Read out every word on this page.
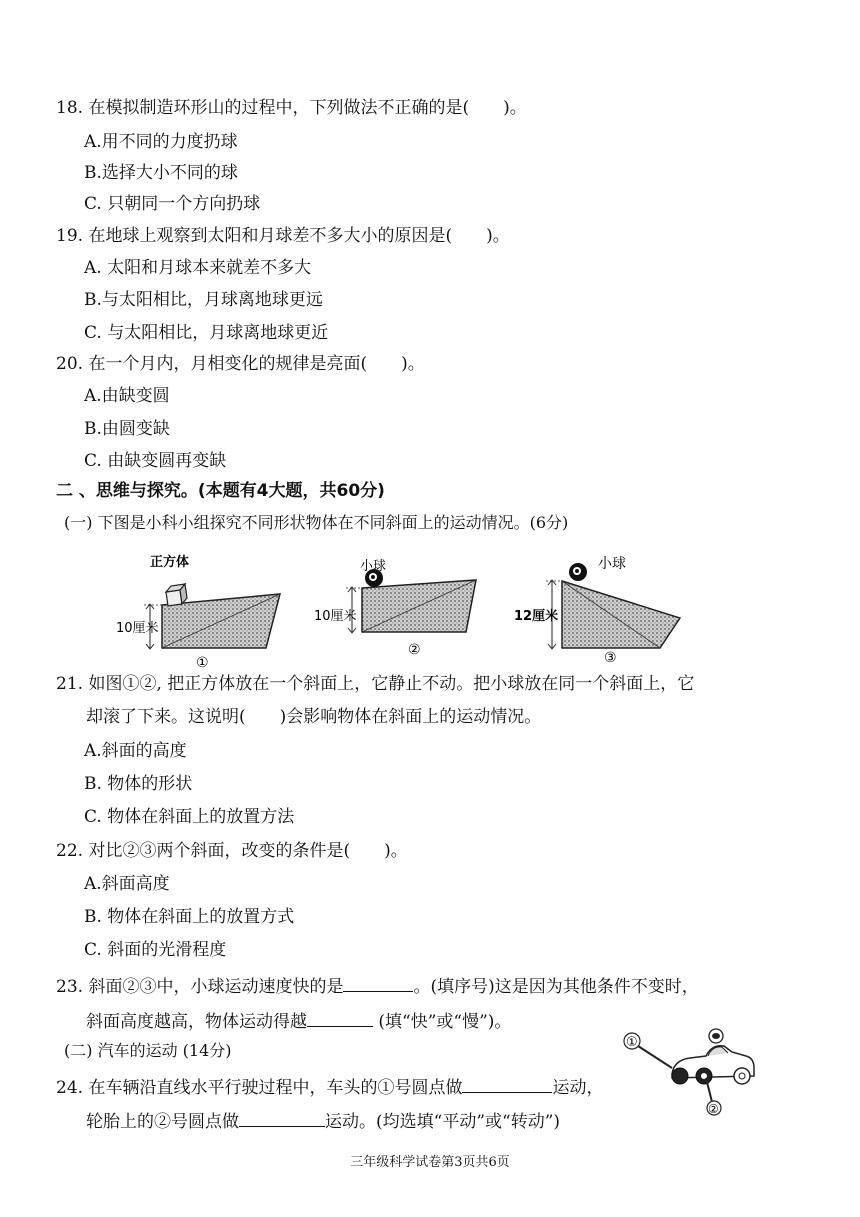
18. 在模拟制造环形山的过程中，下列做法不正确的是(　　)。
A.用不同的力度扔球
B.选择大小不同的球
C. 只朝同一个方向扔球
19. 在地球上观察到太阳和月球差不多大小的原因是(　　)。
A. 太阳和月球本来就差不多大
B.与太阳相比，月球离地球更远
C. 与太阳相比，月球离地球更近
20. 在一个月内，月相变化的规律是亮面(　　)。
A.由缺变圆
B.由圆变缺
C. 由缺变圆再变缺
二 、思维与探究。(本题有4大题，共60分)
(一) 下图是小科小组探究不同形状物体在不同斜面上的运动情况。(6分)
正方体
10厘米
①
小球
10厘米
②
小球
12厘米
③
21. 如图①②, 把正方体放在一个斜面上，它静止不动。把小球放在同一个斜面上，它
却滚了下来。这说明(　　)会影响物体在斜面上的运动情况。
A.斜面的高度
B. 物体的形状
C. 物体在斜面上的放置方法
22. 对比②③两个斜面，改变的条件是(　　)。
A.斜面高度
B. 物体在斜面上的放置方式
C. 斜面的光滑程度
23. 斜面②③中，小球运动速度快的是	。(填序号)这是因为其他条件不变时，
斜面高度越高，物体运动得越	(填“快”或“慢”)。
(二) 汽车的运动 (14分)
24. 在车辆沿直线水平行驶过程中，车头的①号圆点做	运动，
轮胎上的②号圆点做	运动。(均选填“平动”或“转动”)
①
②
三年级科学试卷第3页共6页
